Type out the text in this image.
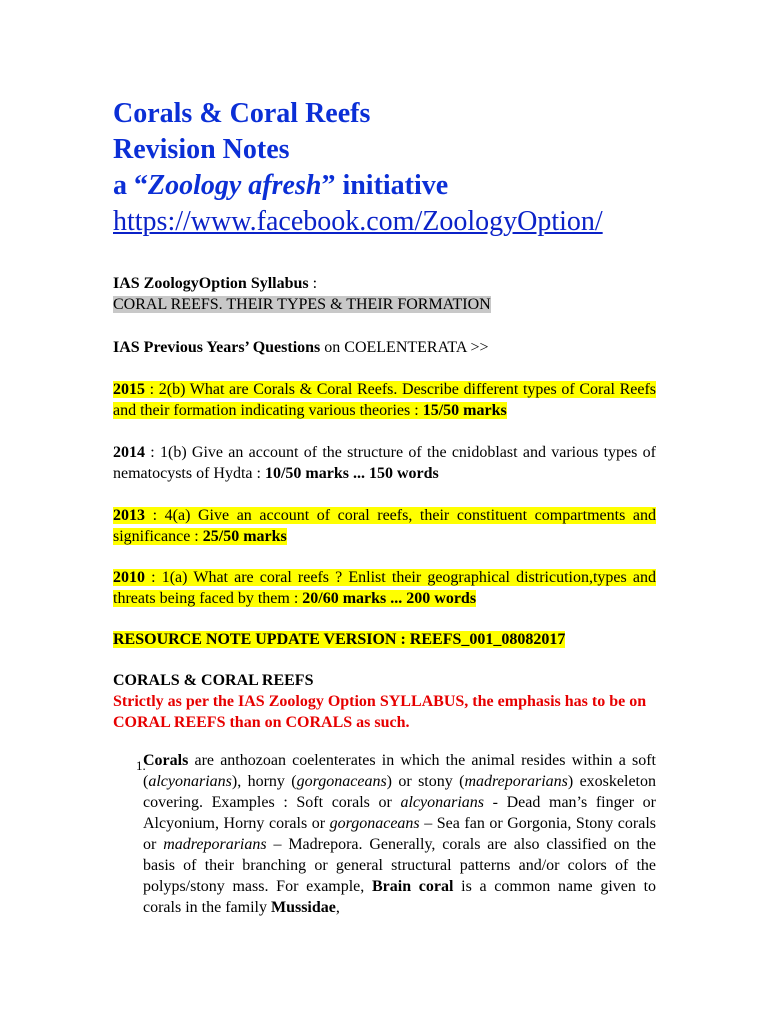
Corals & Coral Reefs

Revision Notes

a “Zoology afresh” initiative

https://www.facebook.com/ZoologyOption/
IAS ZoologyOption Syllabus :
CORAL REEFS. THEIR TYPES & THEIR FORMATION
IAS Previous Years’ Questions on COELENTERATA >>
2015 : 2(b) What are Corals & Coral Reefs. Describe different types of Coral Reefs and their formation indicating various theories : 15/50 marks
2014 : 1(b) Give an account of the structure of the cnidoblast and various types of nematocysts of Hydta : 10/50 marks ... 150 words
2013 : 4(a) Give an account of coral reefs, their constituent compartments and significance : 25/50 marks
2010 : 1(a) What are coral reefs ? Enlist their geographical districution,types and threats being faced by them : 20/60 marks ... 200 words
RESOURCE NOTE UPDATE VERSION : REEFS_001_08082017
CORALS & CORAL REEFS
Strictly as per the IAS Zoology Option SYLLABUS, the emphasis has to be on CORAL REEFS than on CORALS as such.
1.
Corals are anthozoan coelenterates in which the animal resides within a soft (alcyonarians), horny (gorgonaceans) or stony (madreporarians) exoskeleton covering. Examples : Soft corals or alcyonarians - Dead man’s finger or Alcyonium, Horny corals or gorgonaceans – Sea fan or Gorgonia, Stony corals or madreporarians – Madrepora. Generally, corals are also classified on the basis of their branching or general structural patterns and/or colors of the polyps/stony mass. For example, Brain coral is a common name given to corals in the family Mussidae,
